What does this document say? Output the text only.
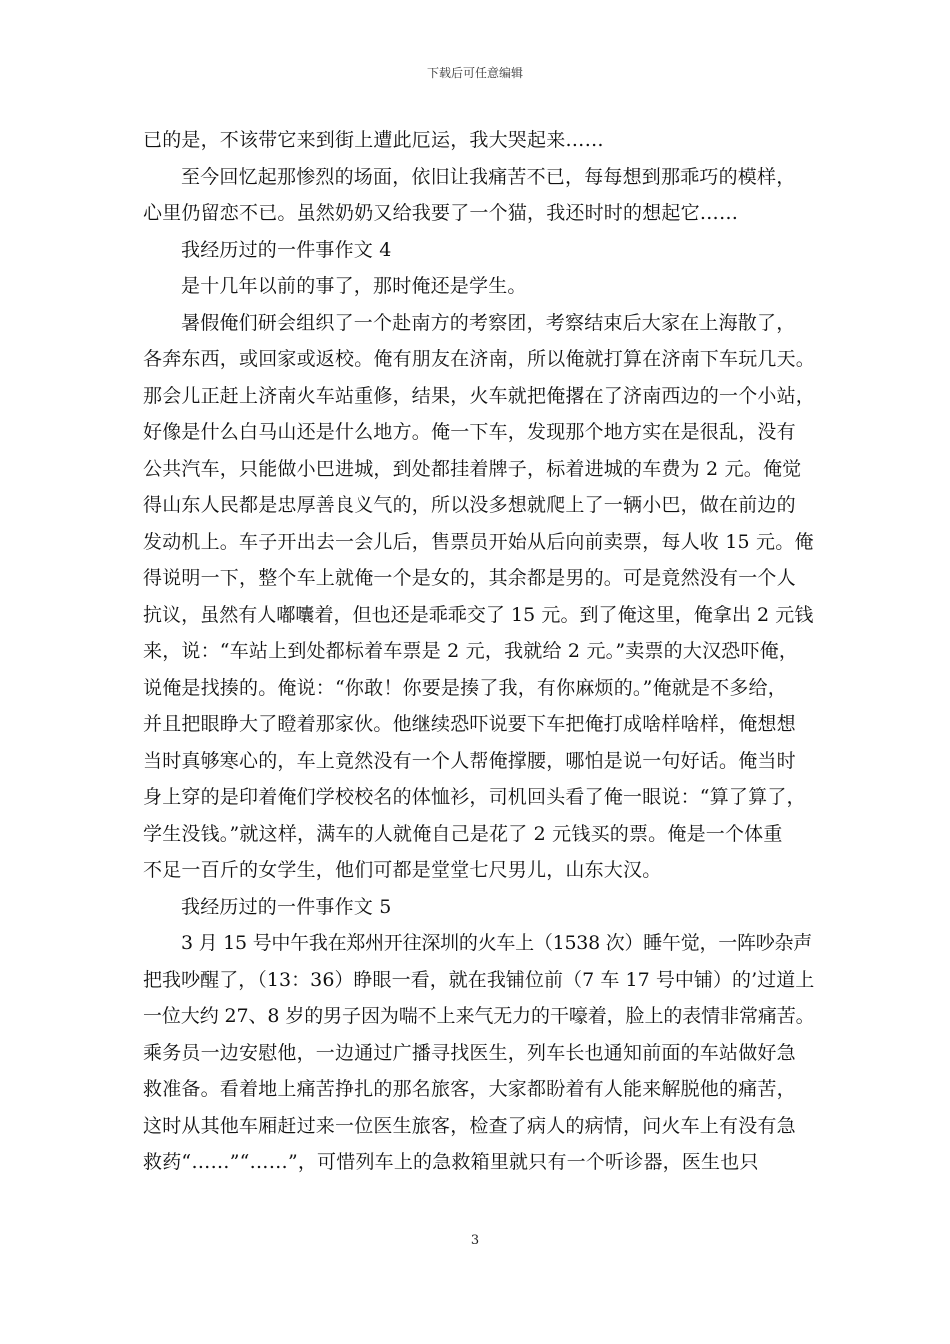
下载后可任意编辑

已的是，不该带它来到街上遭此厄运，我大哭起来……

至今回忆起那惨烈的场面，依旧让我痛苦不已，每每想到那乖巧的模样，

心里仍留恋不已。虽然奶奶又给我要了一个猫，我还时时的想起它……

我经历过的一件事作文 4

是十几年以前的事了，那时俺还是学生。

暑假俺们研会组织了一个赴南方的考察团，考察结束后大家在上海散了，

各奔东西，或回家或返校。俺有朋友在济南，所以俺就打算在济南下车玩几天。

那会儿正赶上济南火车站重修，结果，火车就把俺撂在了济南西边的一个小站，

好像是什么白马山还是什么地方。俺一下车，发现那个地方实在是很乱，没有

公共汽车，只能做小巴进城，到处都挂着牌子，标着进城的车费为 2 元。俺觉

得山东人民都是忠厚善良义气的，所以没多想就爬上了一辆小巴，做在前边的

发动机上。车子开出去一会儿后，售票员开始从后向前卖票，每人收 15 元。俺

得说明一下，整个车上就俺一个是女的，其余都是男的。可是竟然没有一个人

抗议，虽然有人嘟囔着，但也还是乖乖交了 15 元。到了俺这里，俺拿出 2 元钱

来，说：“车站上到处都标着车票是 2 元，我就给 2 元。”卖票的大汉恐吓俺，

说俺是找揍的。俺说：“你敢！你要是揍了我，有你麻烦的。”俺就是不多给，

并且把眼睁大了瞪着那家伙。他继续恐吓说要下车把俺打成啥样啥样，俺想想

当时真够寒心的，车上竟然没有一个人帮俺撑腰，哪怕是说一句好话。俺当时

身上穿的是印着俺们学校校名的体恤衫，司机回头看了俺一眼说：“算了算了，

学生没钱。”就这样，满车的人就俺自己是花了 2 元钱买的票。俺是一个体重

不足一百斤的女学生，他们可都是堂堂七尺男儿，山东大汉。

我经历过的一件事作文 5

3 月 15 号中午我在郑州开往深圳的火车上（1538 次）睡午觉，一阵吵杂声

把我吵醒了，（13：36）睁眼一看，就在我铺位前（7 车 17 号中铺）的’过道上

一位大约 27、8 岁的男子因为喘不上来气无力的干嚎着，脸上的表情非常痛苦。

乘务员一边安慰他，一边通过广播寻找医生，列车长也通知前面的车站做好急

救准备。看着地上痛苦挣扎的那名旅客，大家都盼着有人能来解脱他的痛苦，

这时从其他车厢赶过来一位医生旅客，检查了病人的病情，问火车上有没有急

救药“……”“……”，可惜列车上的急救箱里就只有一个听诊器，医生也只

3
